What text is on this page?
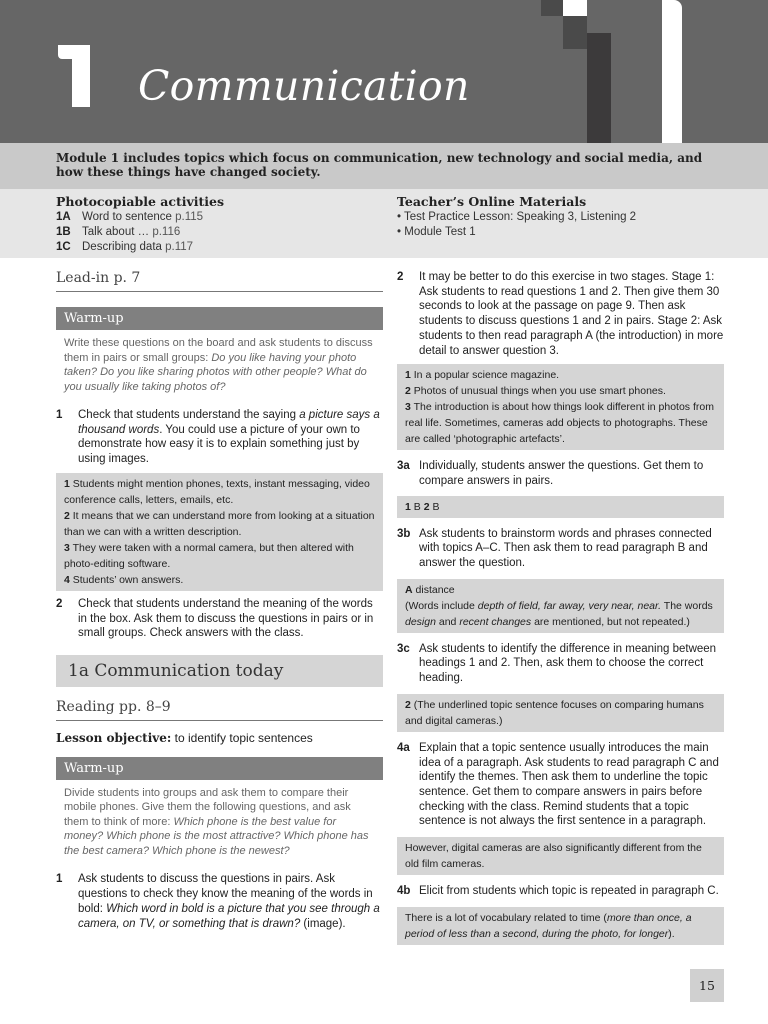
Communication
Module 1 includes topics which focus on communication, new technology and social media, and how these things have changed society.
Photocopiable activities
1A Word to sentence p.115
1B Talk about … p.116
1C Describing data p.117
Teacher’s Online Materials
• Test Practice Lesson: Speaking 3, Listening 2
• Module Test 1
Lead-in p. 7
Warm-up
Write these questions on the board and ask students to discuss them in pairs or small groups: Do you like having your photo taken? Do you like sharing photos with other people? What do you usually like taking photos of?
1 Check that students understand the saying a picture says a thousand words. You could use a picture of your own to demonstrate how easy it is to explain something just by using images.
1 Students might mention phones, texts, instant messaging, video conference calls, letters, emails, etc.
2 It means that we can understand more from looking at a situation than we can with a written description.
3 They were taken with a normal camera, but then altered with photo-editing software.
4 Students’ own answers.
2 Check that students understand the meaning of the words in the box. Ask them to discuss the questions in pairs or in small groups. Check answers with the class.
1a Communication today
Reading pp. 8–9
Lesson objective: to identify topic sentences
Warm-up
Divide students into groups and ask them to compare their mobile phones. Give them the following questions, and ask them to think of more: Which phone is the best value for money? Which phone is the most attractive? Which phone has the best camera? Which phone is the newest?
1 Ask students to discuss the questions in pairs. Ask questions to check they know the meaning of the words in bold: Which word in bold is a picture that you see through a camera, on TV, or something that is drawn? (image).
2 It may be better to do this exercise in two stages. Stage 1: Ask students to read questions 1 and 2. Then give them 30 seconds to look at the passage on page 9. Then ask students to discuss questions 1 and 2 in pairs. Stage 2: Ask students to then read paragraph A (the introduction) in more detail to answer question 3.
1 In a popular science magazine.
2 Photos of unusual things when you use smart phones.
3 The introduction is about how things look different in photos from real life. Sometimes, cameras add objects to photographs. These are called ‘photographic artefacts’.
3a Individually, students answer the questions. Get them to compare answers in pairs.
1 B 2 B
3b Ask students to brainstorm words and phrases connected with topics A–C. Then ask them to read paragraph B and answer the question.
A distance
(Words include depth of field, far away, very near, near. The words design and recent changes are mentioned, but not repeated.)
3c Ask students to identify the difference in meaning between headings 1 and 2. Then, ask them to choose the correct heading.
2 (The underlined topic sentence focuses on comparing humans and digital cameras.)
4a Explain that a topic sentence usually introduces the main idea of a paragraph. Ask students to read paragraph C and identify the themes. Then ask them to underline the topic sentence. Get them to compare answers in pairs before checking with the class. Remind students that a topic sentence is not always the first sentence in a paragraph.
However, digital cameras are also significantly different from the old film cameras.
4b Elicit from students which topic is repeated in paragraph C.
There is a lot of vocabulary related to time (more than once, a period of less than a second, during the photo, for longer).
15
